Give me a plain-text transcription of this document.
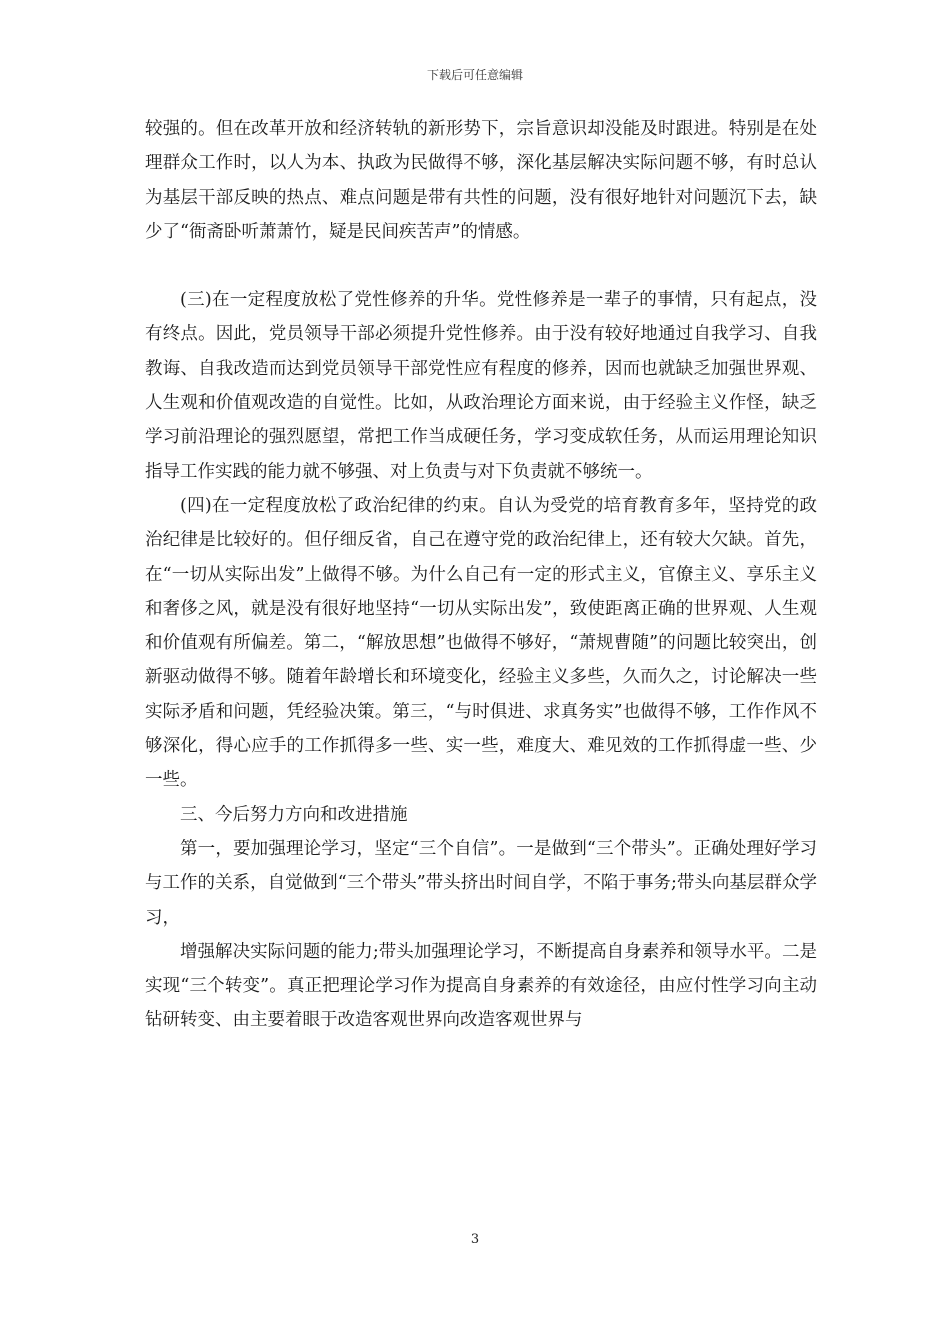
下载后可任意编辑

较强的。但在改革开放和经济转轨的新形势下，宗旨意识却没能及时跟进。特别是在处理群众工作时，以人为本、执政为民做得不够，深化基层解决实际问题不够，有时总认为基层干部反映的热点、难点问题是带有共性的问题，没有很好地针对问题沉下去，缺少了“衙斋卧听萧萧竹，疑是民间疾苦声”的情感。

(三)在一定程度放松了党性修养的升华。党性修养是一辈子的事情，只有起点，没有终点。因此，党员领导干部必须提升党性修养。由于没有较好地通过自我学习、自我教诲、自我改造而达到党员领导干部党性应有程度的修养，因而也就缺乏加强世界观、人生观和价值观改造的自觉性。比如，从政治理论方面来说，由于经验主义作怪，缺乏学习前沿理论的强烈愿望，常把工作当成硬任务，学习变成软任务，从而运用理论知识指导工作实践的能力就不够强、对上负责与对下负责就不够统一。

(四)在一定程度放松了政治纪律的约束。自认为受党的培育教育多年，坚持党的政治纪律是比较好的。但仔细反省，自己在遵守党的政治纪律上，还有较大欠缺。首先，在“一切从实际出发”上做得不够。为什么自己有一定的形式主义，官僚主义、享乐主义和奢侈之风，就是没有很好地坚持“一切从实际出发”，致使距离正确的世界观、人生观和价值观有所偏差。第二，“解放思想”也做得不够好，“萧规曹随”的问题比较突出，创新驱动做得不够。随着年龄增长和环境变化，经验主义多些，久而久之，讨论解决一些实际矛盾和问题，凭经验决策。第三，“与时俱进、求真务实”也做得不够，工作作风不够深化，得心应手的工作抓得多一些、实一些，难度大、难见效的工作抓得虚一些、少一些。

三、今后努力方向和改进措施

第一，要加强理论学习，坚定“三个自信”。一是做到“三个带头”。正确处理好学习与工作的关系，自觉做到“三个带头”带头挤出时间自学，不陷于事务;带头向基层群众学习，

增强解决实际问题的能力;带头加强理论学习，不断提高自身素养和领导水平。二是实现“三个转变”。真正把理论学习作为提高自身素养的有效途径，由应付性学习向主动钻研转变、由主要着眼于改造客观世界向改造客观世界与

3
